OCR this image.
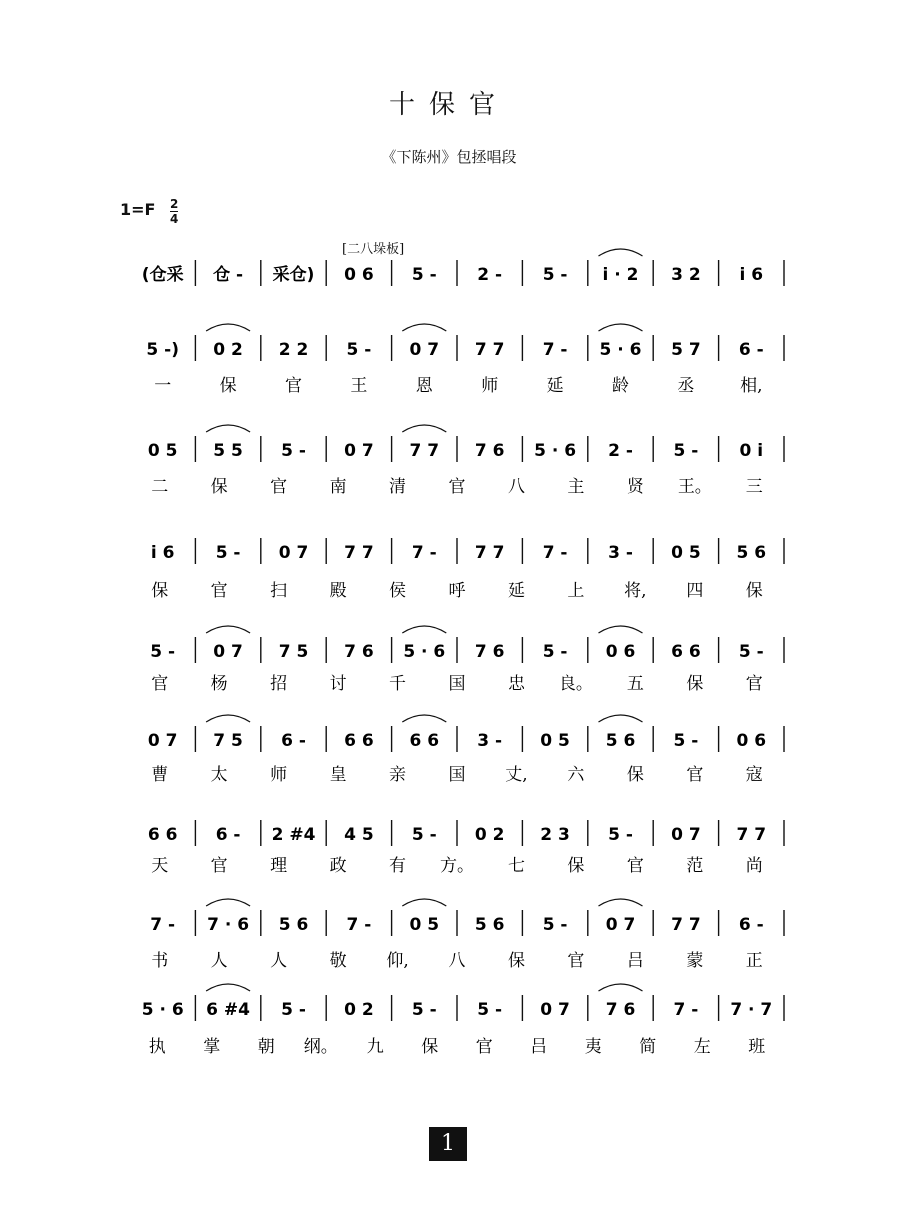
十保官
《下陈州》包拯唱段
1=F 2
4
[二八垛板]
(仓采 仓 - 采仓) 0 6 5 - 2 - 5 - i · 2 3 2 i 6
5 -) 0 2 2 2 5 - 0 7 7 7 7 - 5 · 6 5 7 6 -
一	保	官	王	恩	师	延	龄	丞	相,
0 5 5 5 5 - 0 7 7 7 7 6 5 · 6 2 - 5 - 0 i
二 保 官 南 清 官 八 主 贤 王。 三
i 6 5 - 0 7 7 7 7 - 7 7 7 - 3 - 0 5 5 6
保 官 扫 殿 侯 呼 延 上 将, 四 保
5 - 0 7 7 5 7 6 5 · 6 7 6 5 - 0 6 6 6 5 -
官 杨 招 讨 千 国 忠 良。 五 保 官
0 7 7 5 6 - 6 6 6 6 3 - 0 5 5 6 5 - 0 6
曹 太 师 皇 亲 国 丈, 六 保 官 寇
6 6 6 - 2 #4 4 5 5 - 0 2 2 3 5 - 0 7 7 7
天 官 理 政 有 方。 七 保 官 范 尚
7 - 7 · 6 5 6 7 - 0 5 5 6 5 - 0 7 7 7 6 -
书 人 人 敬 仰, 八 保 官 吕 蒙 正
5 · 6 6 #4 5 - 0 2 5 - 5 - 0 7 7 6 7 - 7 · 7
执 掌 朝 纲。 九 保 官 吕 夷 简 左 班
1
